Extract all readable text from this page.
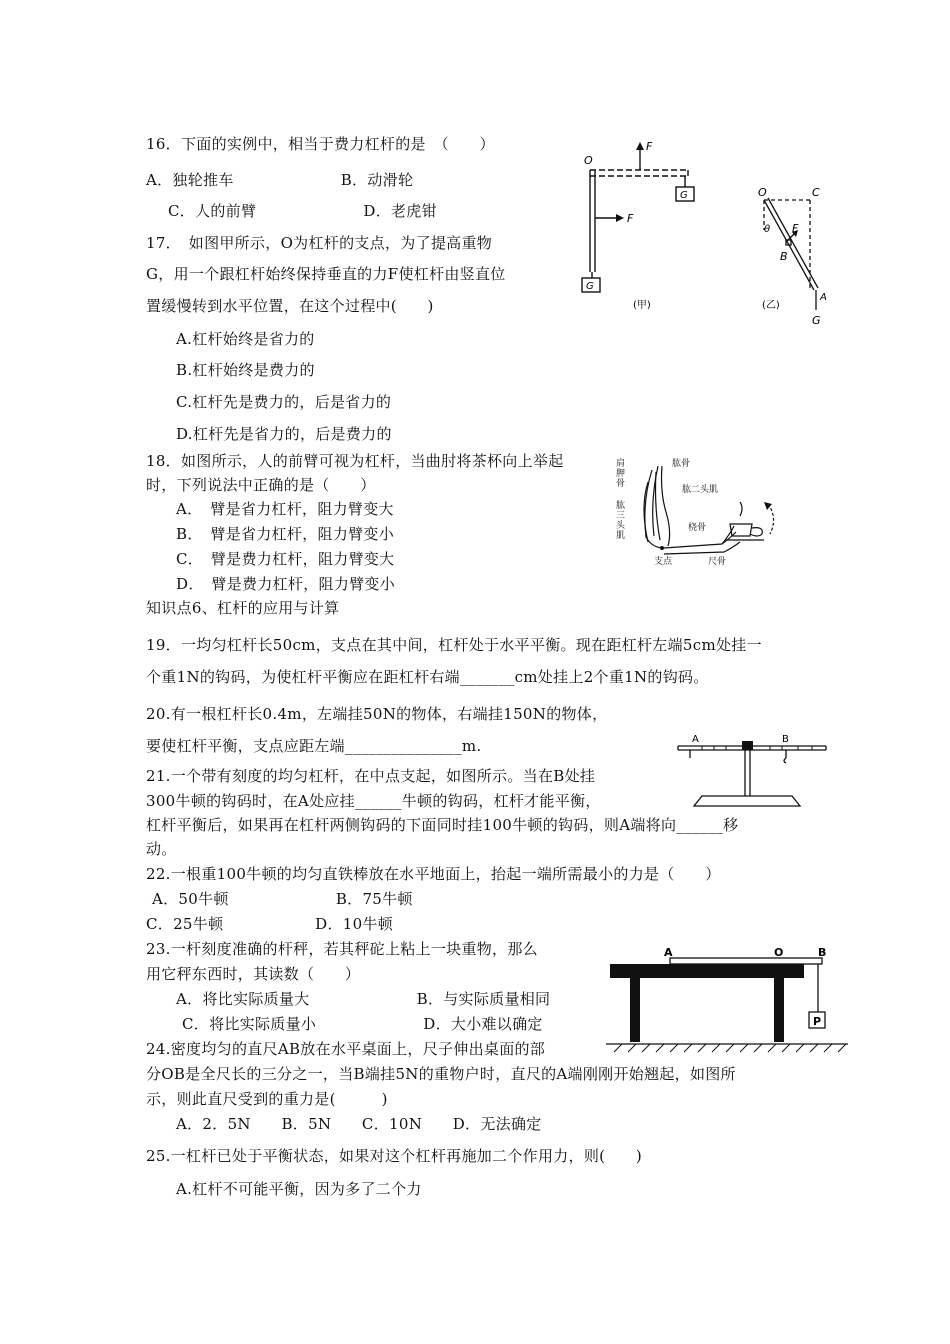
16．下面的实例中，相当于费力杠杆的是　（　　）
A．独轮推车　　　　　　　B．动滑轮
C．人的前臂　　　　　　　D．老虎钳
17．　如图甲所示，O为杠杆的支点，为了提高重物
G，用一个跟杠杆始终保持垂直的力F使杠杆由竖直位
置缓慢转到水平位置，在这个过程中(　　)
A.杠杆始终是省力的
B.杠杆始终是费力的
C.杠杆先是费力的，后是省力的
D.杠杆先是省力的，后是费力的
18．如图所示，人的前臂可视为杠杆，当曲肘将茶杯向上举起
时，下列说法中正确的是（　　）
A．　臂是省力杠杆，阻力臂变大
B．　臂是省力杠杆，阻力臂变小
C．　臂是费力杠杆，阻力臂变大
D．　臂是费力杠杆，阻力臂变小
知识点6、杠杆的应用与计算
19．一均匀杠杆长50cm，支点在其中间，杠杆处于水平平衡。现在距杠杆左端5cm处挂一
个重1N的钩码，为使杠杆平衡应在距杠杆右端_______cm处挂上2个重1N的钩码。
20.有一根杠杆长0.4m，左端挂50N的物体，右端挂150N的物体，
要使杠杆平衡，支点应距左端_______________m.
21.一个带有刻度的均匀杠杆，在中点支起，如图所示。当在B处挂
300牛顿的钩码时，在A处应挂______牛顿的钩码，杠杆才能平衡，
杠杆平衡后，如果再在杠杆两侧钩码的下面同时挂100牛顿的钩码，则A端将向______移
动。
22.一根重100牛顿的均匀直铁棒放在水平地面上，抬起一端所需最小的力是（　　）
A．50牛顿　　　　　　　B．75牛顿
C．25牛顿　　　　　　D．10牛顿
23.一杆刻度准确的杆秤，若其秤砣上粘上一块重物，那么
用它秤东西时，其读数（　　）
A．将比实际质量大　　　　　　　B．与实际质量相同
C．将比实际质量小　　　　　　　D．大小难以确定
24.密度均匀的直尺AB放在水平桌面上，尺子伸出桌面的部
分OB是全尺长的三分之一，当B端挂5N的重物户时，直尺的A端刚刚开始翘起，如图所
示，则此直尺受到的重力是(　　　)
A．2．5N　　B．5N　　C．10N　　D．无法确定
25.一杠杆已处于平衡状态，如果对这个杠杆再施加二个作用力，则(　　)
A.杠杆不可能平衡，因为多了二个力
O
F
F
G
G
(甲)
O	C
θ F
B
A
G
(乙)
肩
胛
骨
肱骨
肱二头肌
肱
三
头
肌
桡骨
支点	尺骨
A	B
A	O	B
P
